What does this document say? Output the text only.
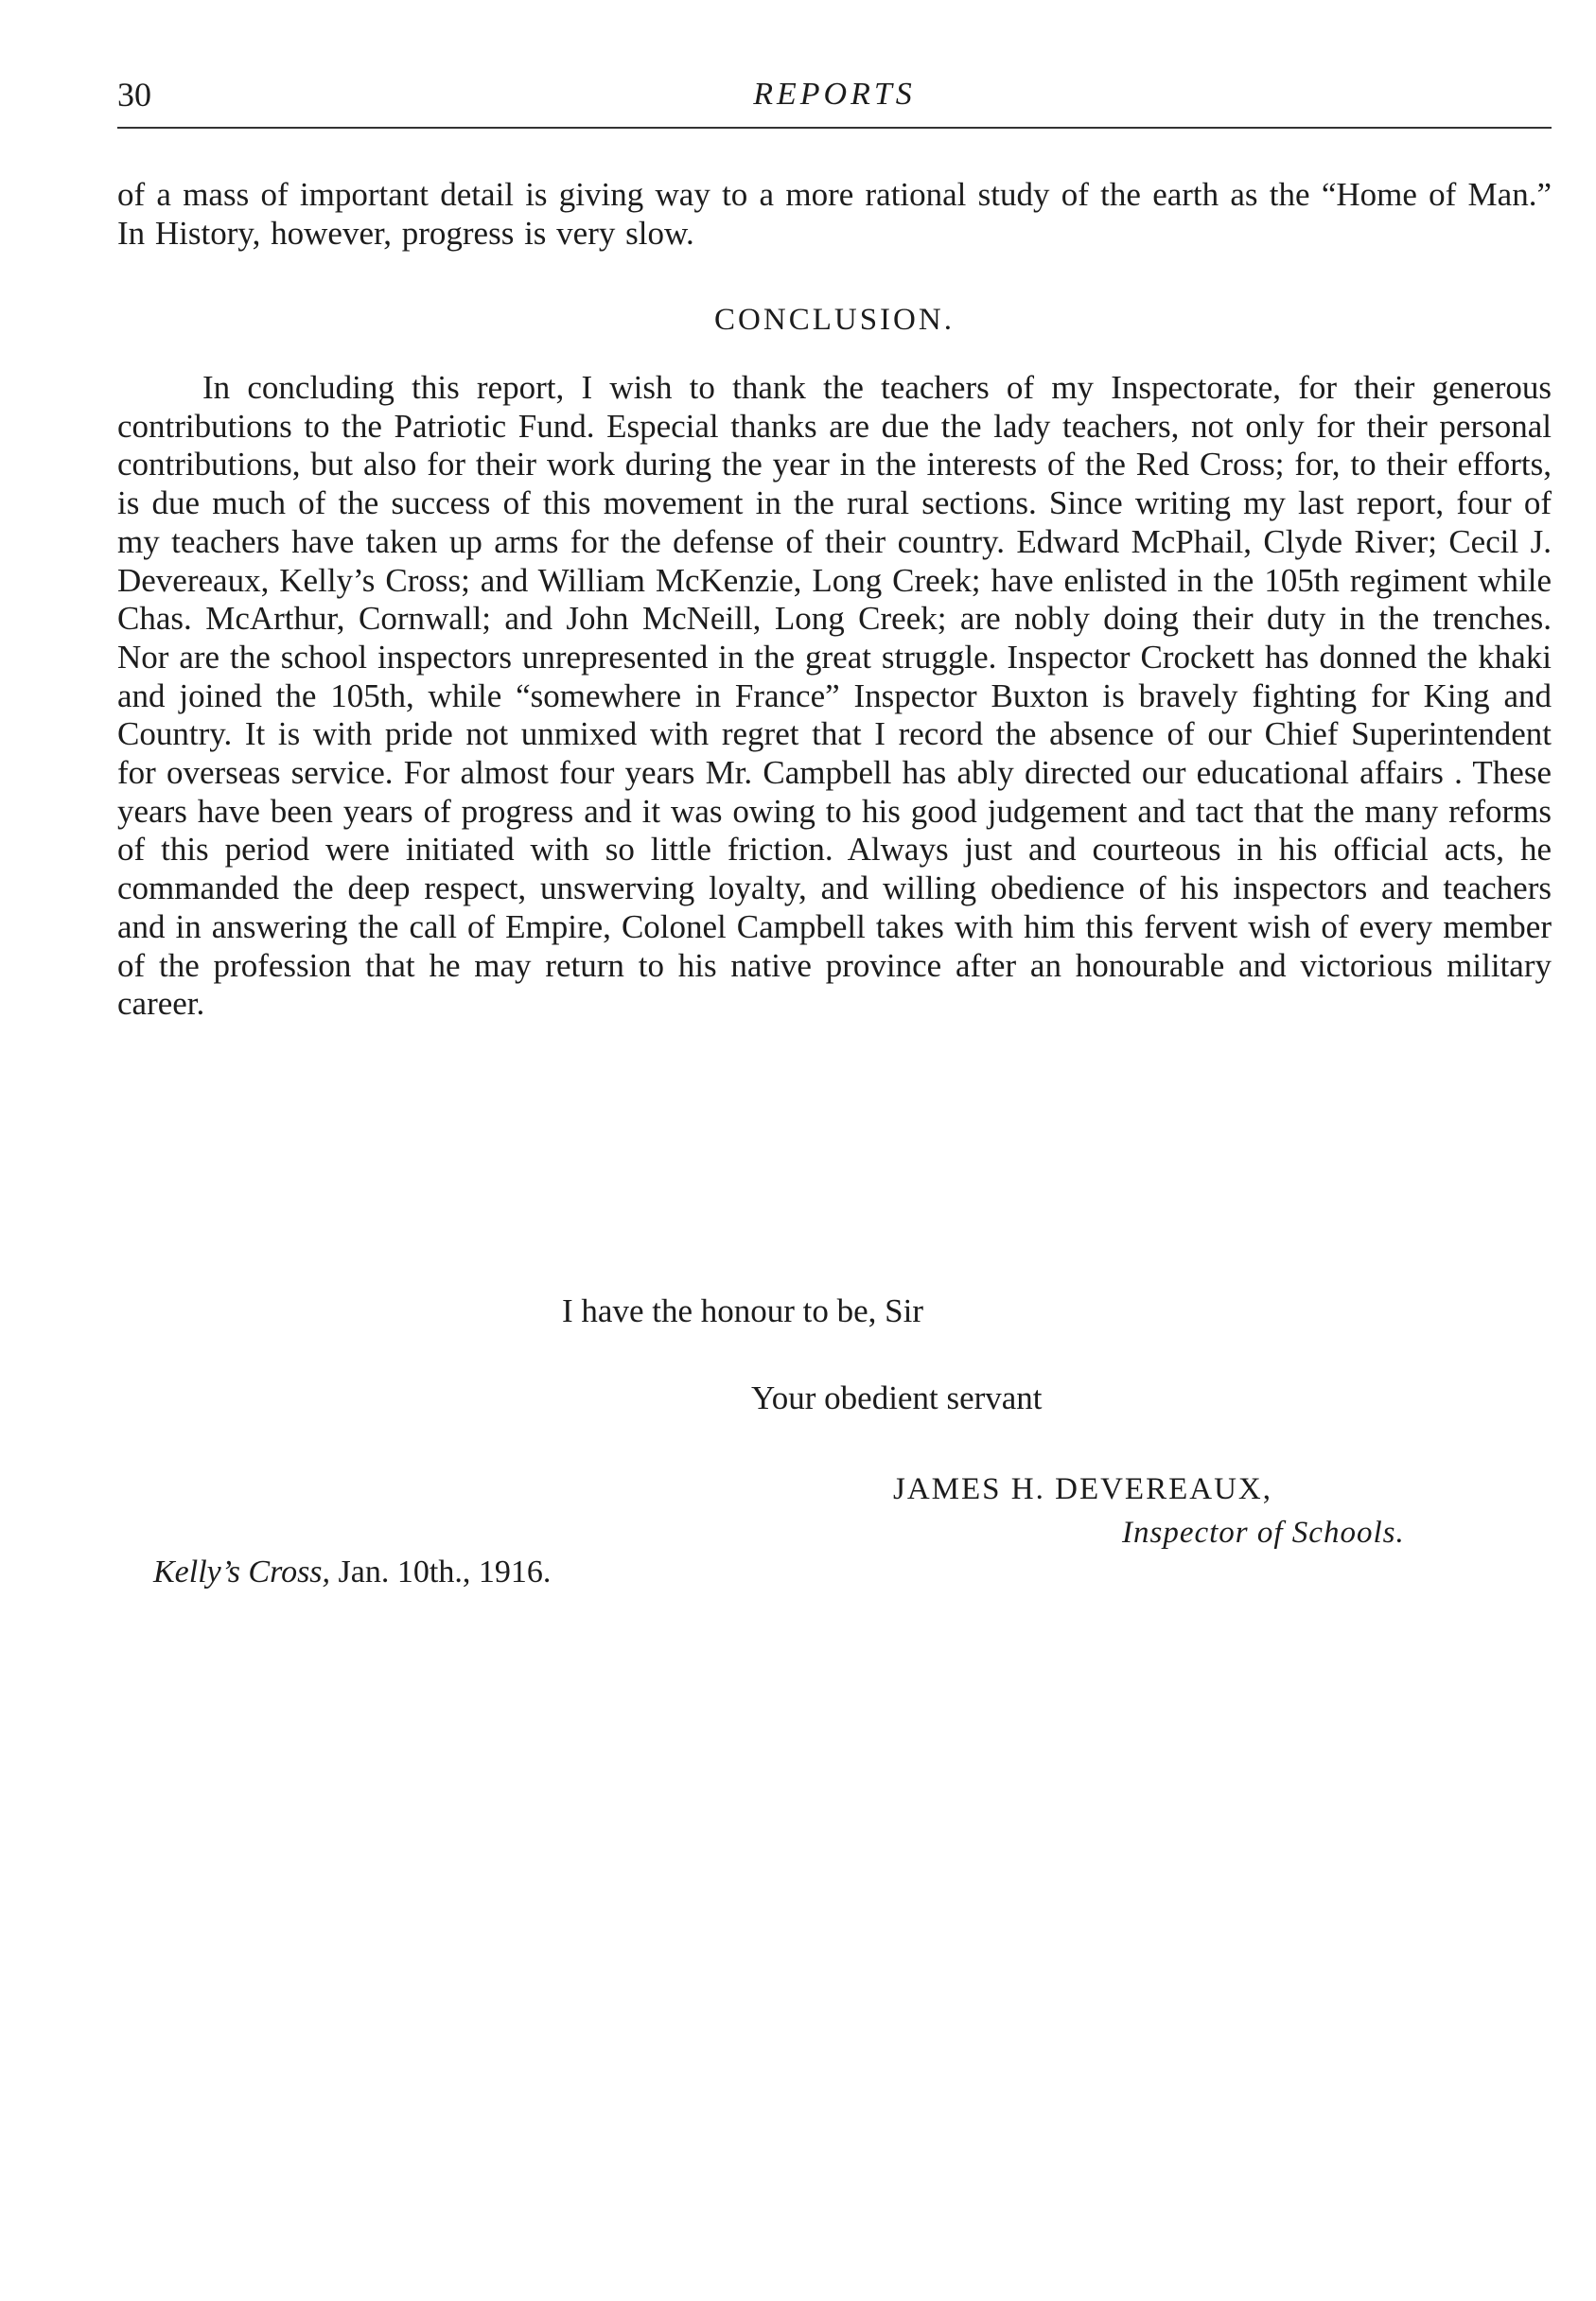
30	REPORTS

of a mass of important detail is giving way to a more rational study of the earth as the “Home of Man.” In History, however, progress is very slow.

CONCLUSION.

In concluding this report, I wish to thank the teachers of my Inspectorate, for their generous contributions to the Patriotic Fund. Especial thanks are due the lady teachers, not only for their personal contributions, but also for their work during the year in the interests of the Red Cross; for, to their efforts, is due much of the success of this movement in the rural sections. Since writing my last report, four of my teachers have taken up arms for the defense of their country. Edward McPhail, Clyde River; Cecil J. Devereaux, Kelly’s Cross; and William McKenzie, Long Creek; have enlisted in the 105th regiment while Chas. McArthur, Cornwall; and John McNeill, Long Creek; are nobly doing their duty in the trenches. Nor are the school inspectors unrepresented in the great struggle. Inspector Crockett has donned the khaki and joined the 105th, while “somewhere in France” Inspector Buxton is bravely fighting for King and Country. It is with pride not unmixed with regret that I record the absence of our Chief Superintendent for overseas service. For almost four years Mr. Campbell has ably directed our educational affairs . These years have been years of progress and it was owing to his good judgement and tact that the many reforms of this period were initiated with so little friction. Always just and courteous in his official acts, he commanded the deep respect, unswerving loyalty, and willing obedience of his inspectors and teachers and in answering the call of Empire, Colonel Campbell takes with him this fervent wish of every member of the profession that he may return to his native province after an honourable and victorious military career.

I have the honour to be, Sir
Your obedient servant
JAMES H. DEVEREAUX,
Inspector of Schools.
Kelly’s Cross, Jan. 10th., 1916.
